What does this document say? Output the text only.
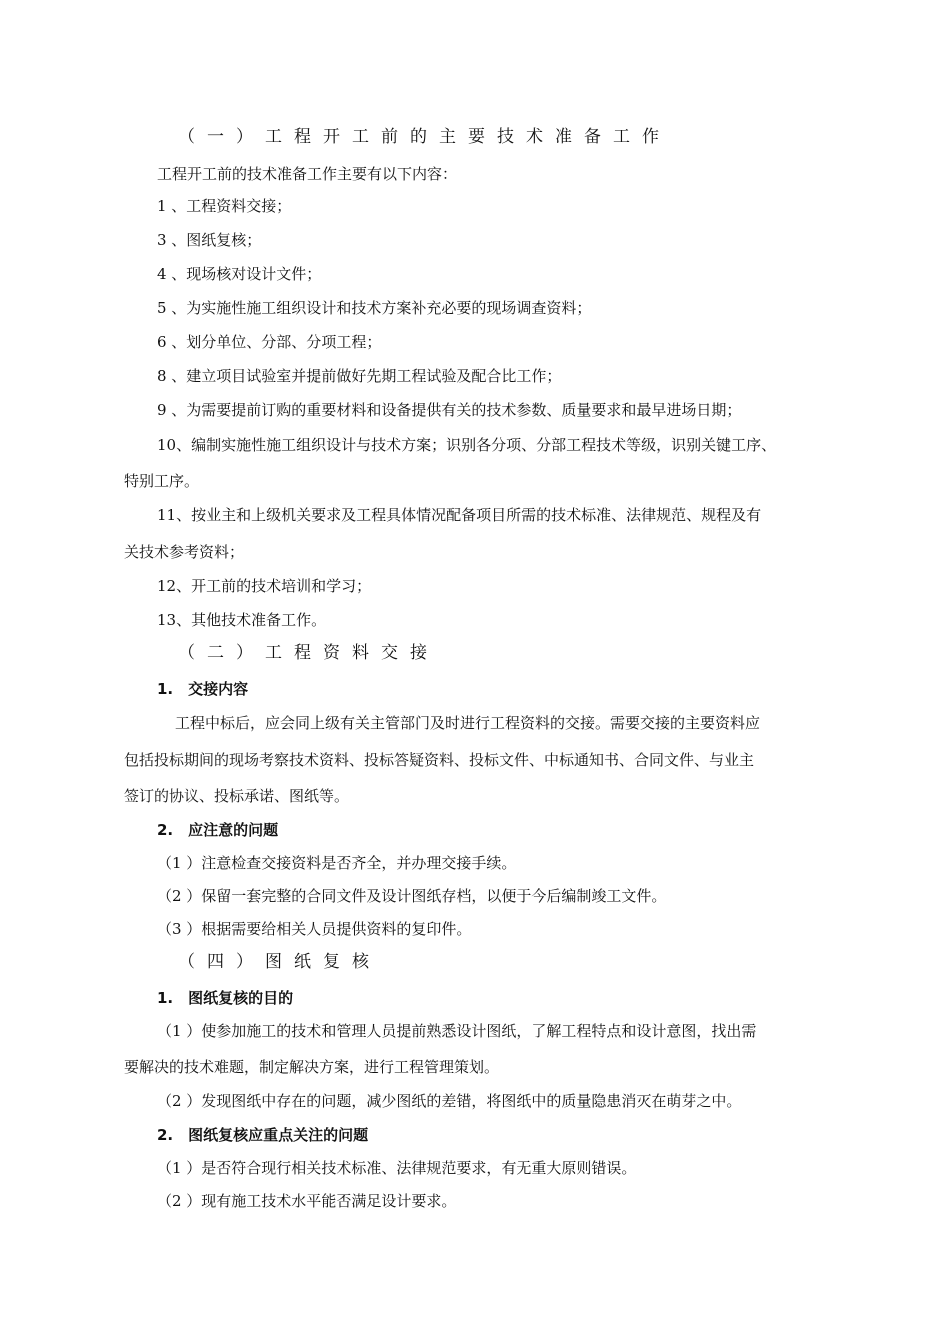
（一）工程开工前的主要技术准备工作
工程开工前的技术准备工作主要有以下内容：
1 、工程资料交接；
3 、图纸复核；
4 、现场核对设计文件；
5 、为实施性施工组织设计和技术方案补充必要的现场调查资料；
6 、划分单位、分部、分项工程；
8 、建立项目试验室并提前做好先期工程试验及配合比工作；
9 、为需要提前订购的重要材料和设备提供有关的技术参数、质量要求和最早进场日期；
10、编制实施性施工组织设计与技术方案；识别各分项、分部工程技术等级，识别关键工序、
特别工序。
11、按业主和上级机关要求及工程具体情况配备项目所需的技术标准、法律规范、规程及有
关技术参考资料；
12、开工前的技术培训和学习；
13、其他技术准备工作。
（二）工程资料交接
1.　交接内容
工程中标后，应会同上级有关主管部门及时进行工程资料的交接。需要交接的主要资料应
包括投标期间的现场考察技术资料、投标答疑资料、投标文件、中标通知书、合同文件、与业主
签订的协议、投标承诺、图纸等。
2.　应注意的问题
（1 ）注意检查交接资料是否齐全，并办理交接手续。
（2 ）保留一套完整的合同文件及设计图纸存档，以便于今后编制竣工文件。
（3 ）根据需要给相关人员提供资料的复印件。
（四）图纸复核
1.　图纸复核的目的
（1 ）使参加施工的技术和管理人员提前熟悉设计图纸，了解工程特点和设计意图，找出需
要解决的技术难题，制定解决方案，进行工程管理策划。
（2 ）发现图纸中存在的问题，减少图纸的差错，将图纸中的质量隐患消灭在萌芽之中。
2.　图纸复核应重点关注的问题
（1 ）是否符合现行相关技术标准、法律规范要求，有无重大原则错误。
（2 ）现有施工技术水平能否满足设计要求。
